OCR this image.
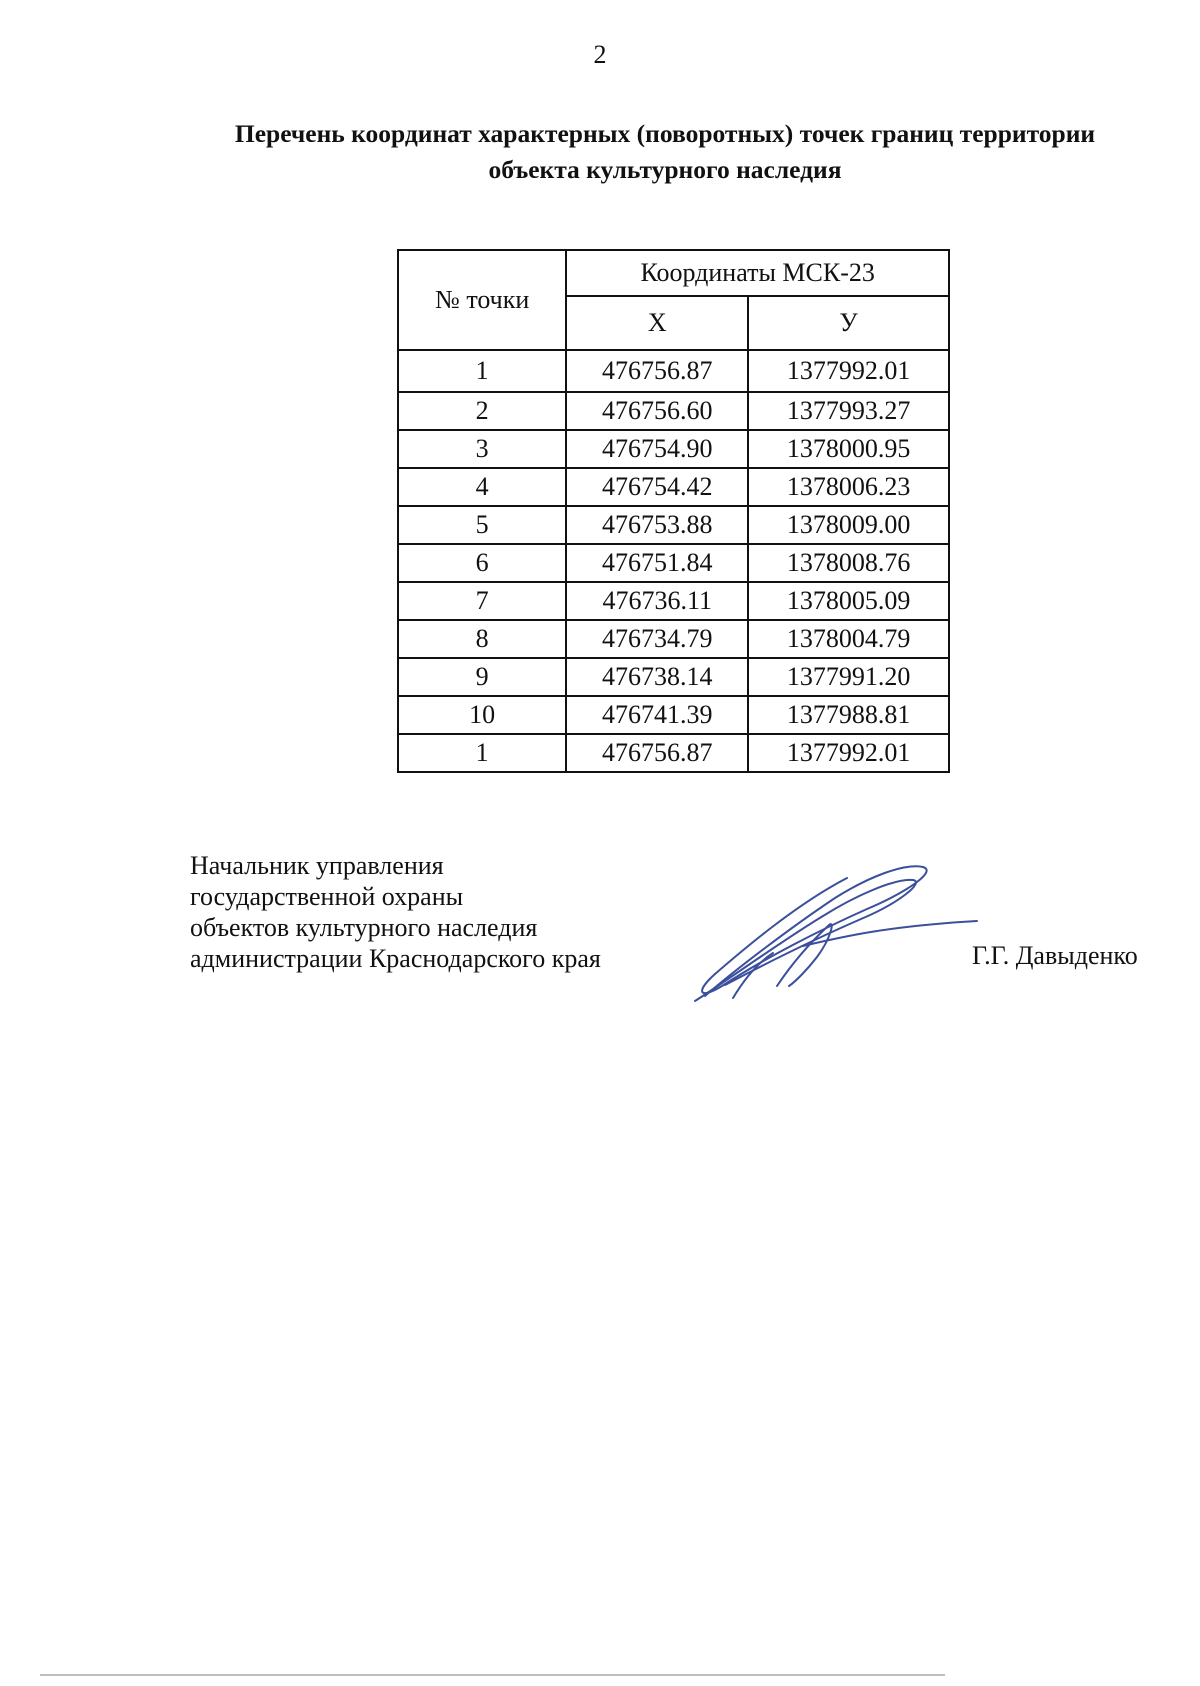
2
Перечень координат характерных (поворотных) точек границ территории
объекта культурного наследия
№ точки	Координаты МСК-23	
	Х	У
1	476756.87	1377992.01
2	476756.60	1377993.27
3	476754.90	1378000.95
4	476754.42	1378006.23
5	476753.88	1378009.00
6	476751.84	1378008.76
7	476736.11	1378005.09
8	476734.79	1378004.79
9	476738.14	1377991.20
10	476741.39	1377988.81
1	476756.87	1377992.01
Начальник управления
государственной охраны
объектов культурного наследия
администрации Краснодарского края	Г.Г. Давыденко
